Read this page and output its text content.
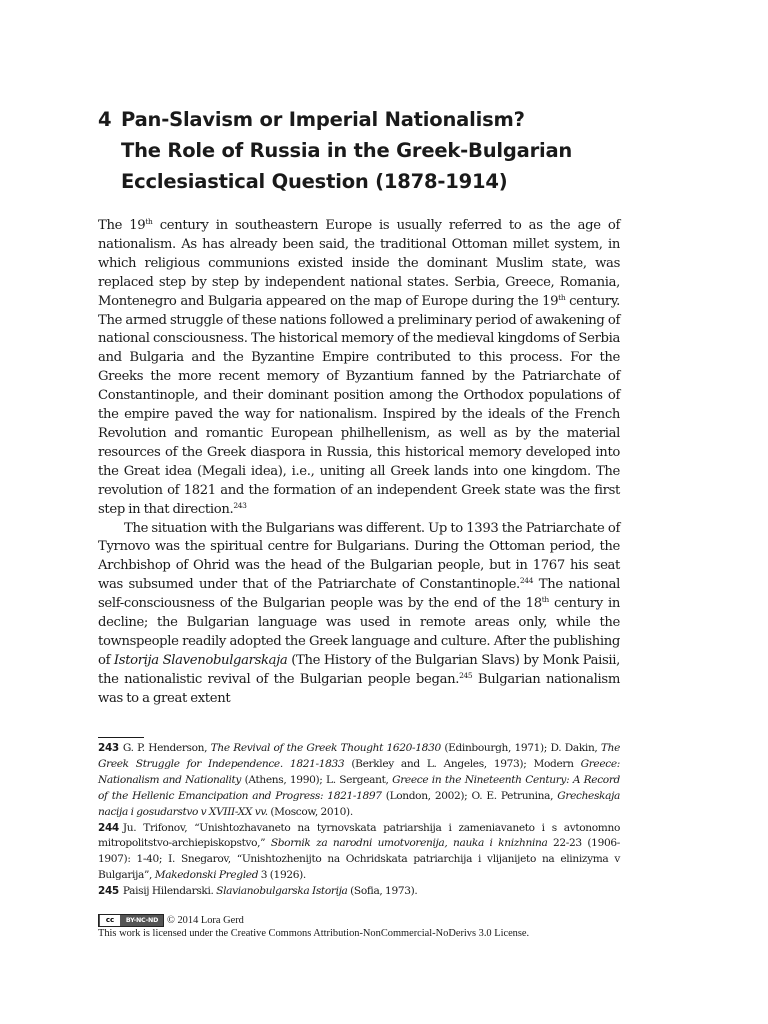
4 Pan-Slavism or Imperial Nationalism?
The Role of Russia in the Greek-Bulgarian
Ecclesiastical Question (1878-1914)

The 19th century in southeastern Europe is usually referred to as the age of nationalism. As has already been said, the traditional Ottoman millet system, in which religious communions existed inside the dominant Muslim state, was replaced step by step by independent national states. Serbia, Greece, Romania, Montenegro and Bulgaria appeared on the map of Europe during the 19th century. The armed struggle of these nations followed a preliminary period of awakening of national consciousness. The historical memory of the medieval kingdoms of Serbia and Bulgaria and the Byzantine Empire contributed to this process. For the Greeks the more recent memory of Byzantium fanned by the Patriarchate of Constantinople, and their dominant position among the Orthodox populations of the empire paved the way for nationalism. Inspired by the ideals of the French Revolution and romantic European philhellenism, as well as by the material resources of the Greek diaspora in Russia, this historical memory developed into the Great idea (Megali idea), i.e., uniting all Greek lands into one kingdom. The revolution of 1821 and the formation of an independent Greek state was the first step in that direction.$^{243}$

The situation with the Bulgarians was different. Up to 1393 the Patriarchate of Tyrnovo was the spiritual centre for Bulgarians. During the Ottoman period, the Archbishop of Ohrid was the head of the Bulgarian people, but in 1767 his seat was subsumed under that of the Patriarchate of Constantinople.$^{244}$ The national self-consciousness of the Bulgarian people was by the end of the 18th century in decline; the Bulgarian language was used in remote areas only, while the townspeople readily adopted the Greek language and culture. After the publishing of Istorija Slavenobulgarskaja (The History of the Bulgarian Slavs) by Monk Paisii, the nationalistic revival of the Bulgarian people began.$^{245}$ Bulgarian nationalism was to a great extent

243 G. P. Henderson, The Revival of the Greek Thought 1620-1830 (Edinbourgh, 1971); D. Dakin, The Greek Struggle for Independence. 1821-1833 (Berkley and L. Angeles, 1973); Modern Greece: Nationalism and Nationality (Athens, 1990); L. Sergeant, Greece in the Nineteenth Century: A Record of the Hellenic Emancipation and Progress: 1821-1897 (London, 2002); O. E. Petrunina, Grecheskaja nacija i gosudarstvo v XVIII-XX vv. (Moscow, 2010).

244 Ju. Trifonov, “Unishtozhavaneto na tyrnovskata patriarshija i zameniavaneto i s avtonomno mitropolitstvo-archiepiskopstvo,” Sbornik za narodni umotvorenija, nauka i knizhnina 22-23 (1906-1907): 1-40; I. Snegarov, “Unishtozhenijto na Ochridskata patriarchija i vlijanijeto na elinizyma v Bulgarija”, Makedonski Pregled 3 (1926).

245 Paisij Hilendarski. Slavianobulgarska Istorija (Sofia, 1973).

cc	BY-NC-ND © 2014 Lora Gerd
This work is licensed under the Creative Commons Attribution-NonCommercial-NoDerivs 3.0 License.
